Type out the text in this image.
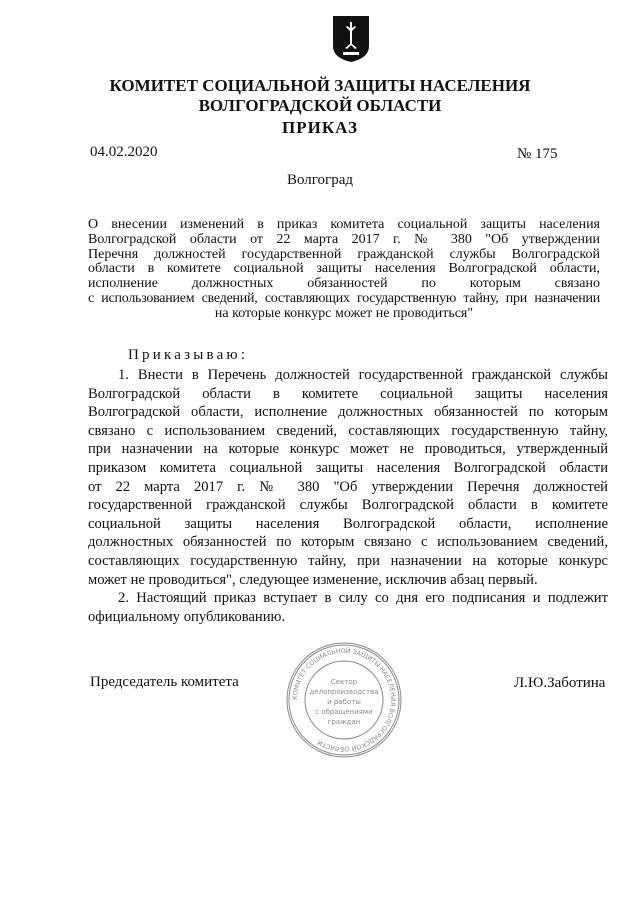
КОМИТЕТ СОЦИАЛЬНОЙ ЗАЩИТЫ НАСЕЛЕНИЯ
ВОЛГОГРАДСКОЙ ОБЛАСТИ
ПРИКАЗ
04.02.2020	№ 175
Волгоград
О внесении изменений в приказ комитета социальной защиты населения
Волгоградской области от 22 марта 2017 г. № 380 "Об утверждении
Перечня должностей государственной гражданской службы Волгоградской
области в комитете социальной защиты населения Волгоградской области,
исполнение должностных обязанностей по которым связано
с использованием сведений, составляющих государственную тайну, при назначении
на которые конкурс может не проводиться"
Приказываю:
1. Внести в Перечень должностей государственной гражданской службы
Волгоградской области в комитете социальной защиты населения
Волгоградской области, исполнение должностных обязанностей по которым
связано с использованием сведений, составляющих государственную тайну,
при назначении на которые конкурс может не проводиться, утвержденный
приказом комитета социальной защиты населения Волгоградской области
от 22 марта 2017 г. № 380 "Об утверждении Перечня должностей
государственной гражданской службы Волгоградской области в комитете
социальной защиты населения Волгоградской области, исполнение
должностных обязанностей по которым связано с использованием сведений,
составляющих государственную тайну, при назначении на которые конкурс
может не проводиться", следующее изменение, исключив абзац первый.
2. Настоящий приказ вступает в силу со дня его подписания и подлежит
официальному опубликованию.
Председатель комитета	Л.Ю.Заботина
КОМИТЕТ СОЦИАЛЬНОЙ ЗАЩИТЫ НАСЕЛЕНИЯ ВОЛГОГРАДСКОЙ ОБЛАСТИ
Сектор
делопроизводства
и работы
с обращениями
граждан
